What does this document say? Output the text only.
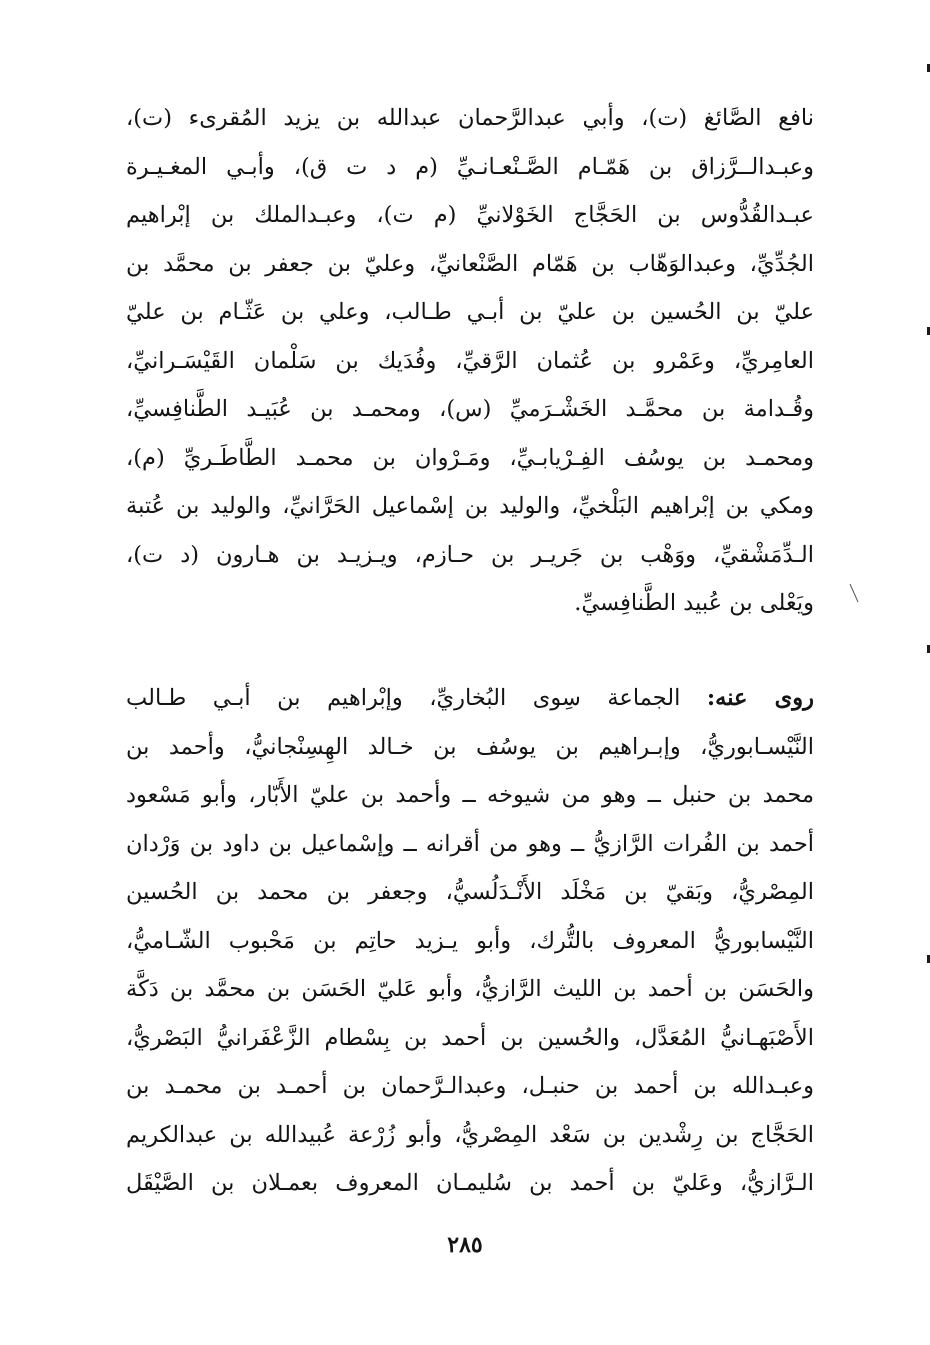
نافع الصَّائغ (ت)، وأبي عبدالرَّحمان عبدالله بن يزيد المُقرىء (ت)،
وعبـدالــرَّزاق بن هَمّـام الصَّـنْعـانـيِّ (م د ت ق)، وأبـي المغـيـرة
عبـدالقُدُّوس بن الحَجَّاج الخَوْلانيِّ (م ت)، وعبـدالملك بن إبْراهيم
الجُدِّيِّ، وعبدالوَهّاب بن هَمّام الصَّنْعانيِّ، وعليّ بن جعفر بن محمَّد بن
عليّ بن الحُسين بن عليّ بن أبـي طـالب، وعلي بن عَثّـام بن عليّ
العامِريِّ، وعَمْرو بن عُثمان الرَّقيِّ، وفُدَيك بن سَلْمان القَيْسَـرانيِّ،
وقُـدامة بن محمَّـد الخَشْـرَميِّ (س)، ومحمـد بن عُبَيـد الطَّنافِسيِّ،
ومحمـد بن يوسُف الفِـرْيابـيِّ، ومَـرْوان بن محمـد الطَّاطَـريِّ (م)،
ومكي بن إبْراهيم البَلْخيِّ، والوليد بن إسْماعيل الحَرَّانيِّ، والوليد بن عُتبة
الـدِّمَشْقيِّ، ووَهْب بن جَريـر بن حـازم، ويـزيـد بن هـارون (د ت)،
ويَعْلى بن عُبيد الطَّنافِسيِّ.
روى عنه: الجماعة سِوى البُخاريِّ، وإبْراهيم بن أبـي طـالب
النَّيْسـابوريُّ، وإبـراهيم بن يوسُف بن خـالد الهِسِنْجانيُّ، وأحمد بن
محمد بن حنبل ــ وهو من شيوخه ــ وأحمد بن عليّ الأَبّار، وأبو مَسْعود
أحمد بن الفُرات الرَّازيُّ ــ وهو من أقرانه ــ وإسْماعيل بن داود بن وَرْدان
المِصْريُّ، وبَقيّ بن مَخْلَد الأَنْـدَلُسيُّ، وجعفر بن محمد بن الحُسين
النَّيْسابوريُّ المعروف بالتُّرك، وأبو يـزيد حاتِم بن مَحْبوب الشّـاميُّ،
والحَسَن بن أحمد بن الليث الرَّازيُّ، وأبو عَليّ الحَسَن بن محمَّد بن دَكَّة
الأَصْبَهـانيُّ المُعَدَّل، والحُسين بن أحمد بن بِسْطام الزَّعْفَرانيُّ البَصْريُّ،
وعبـدالله بن أحمد بن حنبـل، وعبدالـرَّحمان بن أحمـد بن محمـد بن
الحَجَّاج بن رِشْدين بن سَعْد المِصْريُّ، وأبو زُرْعة عُبيدالله بن عبدالكريم
الـرَّازيُّ، وعَليّ بن أحمد بن سُليمـان المعروف بعمـلان بن الصَّيْقَل
٢٨٥
